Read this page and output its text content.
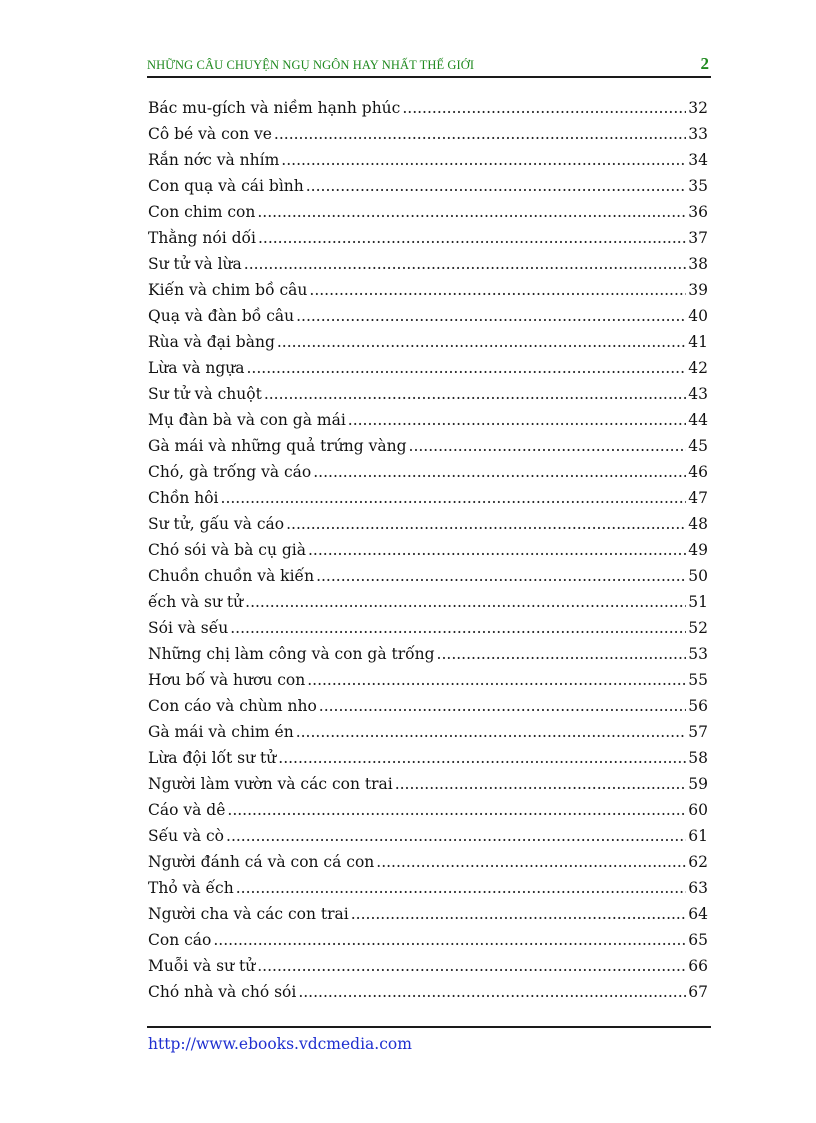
NHỮNG CÂU CHUYỆN NGỤ NGÔN HAY NHẤT THẾ GIỚI	2
Bác mu-gích và niềm hạnh phúc .....	32
Cô bé và con ve .....	33
Rắn nớc và nhím .....	34
Con quạ và cái bình .....	35
Con chim con .....	36
Thằng nói dối .....	37
Sư tử và lừa .....	38
Kiến và chim bồ câu .....	39
Quạ và đàn bồ câu .....	40
Rùa và đại bàng .....	41
Lừa và ngựa .....	42
Sư tử và chuột .....	43
Mụ đàn bà và con gà mái .....	44
Gà mái và những quả trứng vàng .....	45
Chó, gà trống và cáo .....	46
Chồn hôi .....	47
Sư tử, gấu và cáo .....	48
Chó sói và bà cụ già .....	49
Chuồn chuồn và kiến .....	50
ếch và sư tử .....	51
Sói và sếu .....	52
Những chị làm công và con gà trống .....	53
Hơu bố và hươu con .....	55
Con cáo và chùm nho .....	56
Gà mái và chim én .....	57
Lừa đội lốt sư tử .....	58
Người làm vườn và các con trai .....	59
Cáo và dê .....	60
Sếu và cò .....	61
Người đánh cá và con cá con .....	62
Thỏ và ếch .....	63
Người cha và các con trai .....	64
Con cáo .....	65
Muỗi và sư tử .....	66
Chó nhà và chó sói .....	67
http://www.ebooks.vdcmedia.com
